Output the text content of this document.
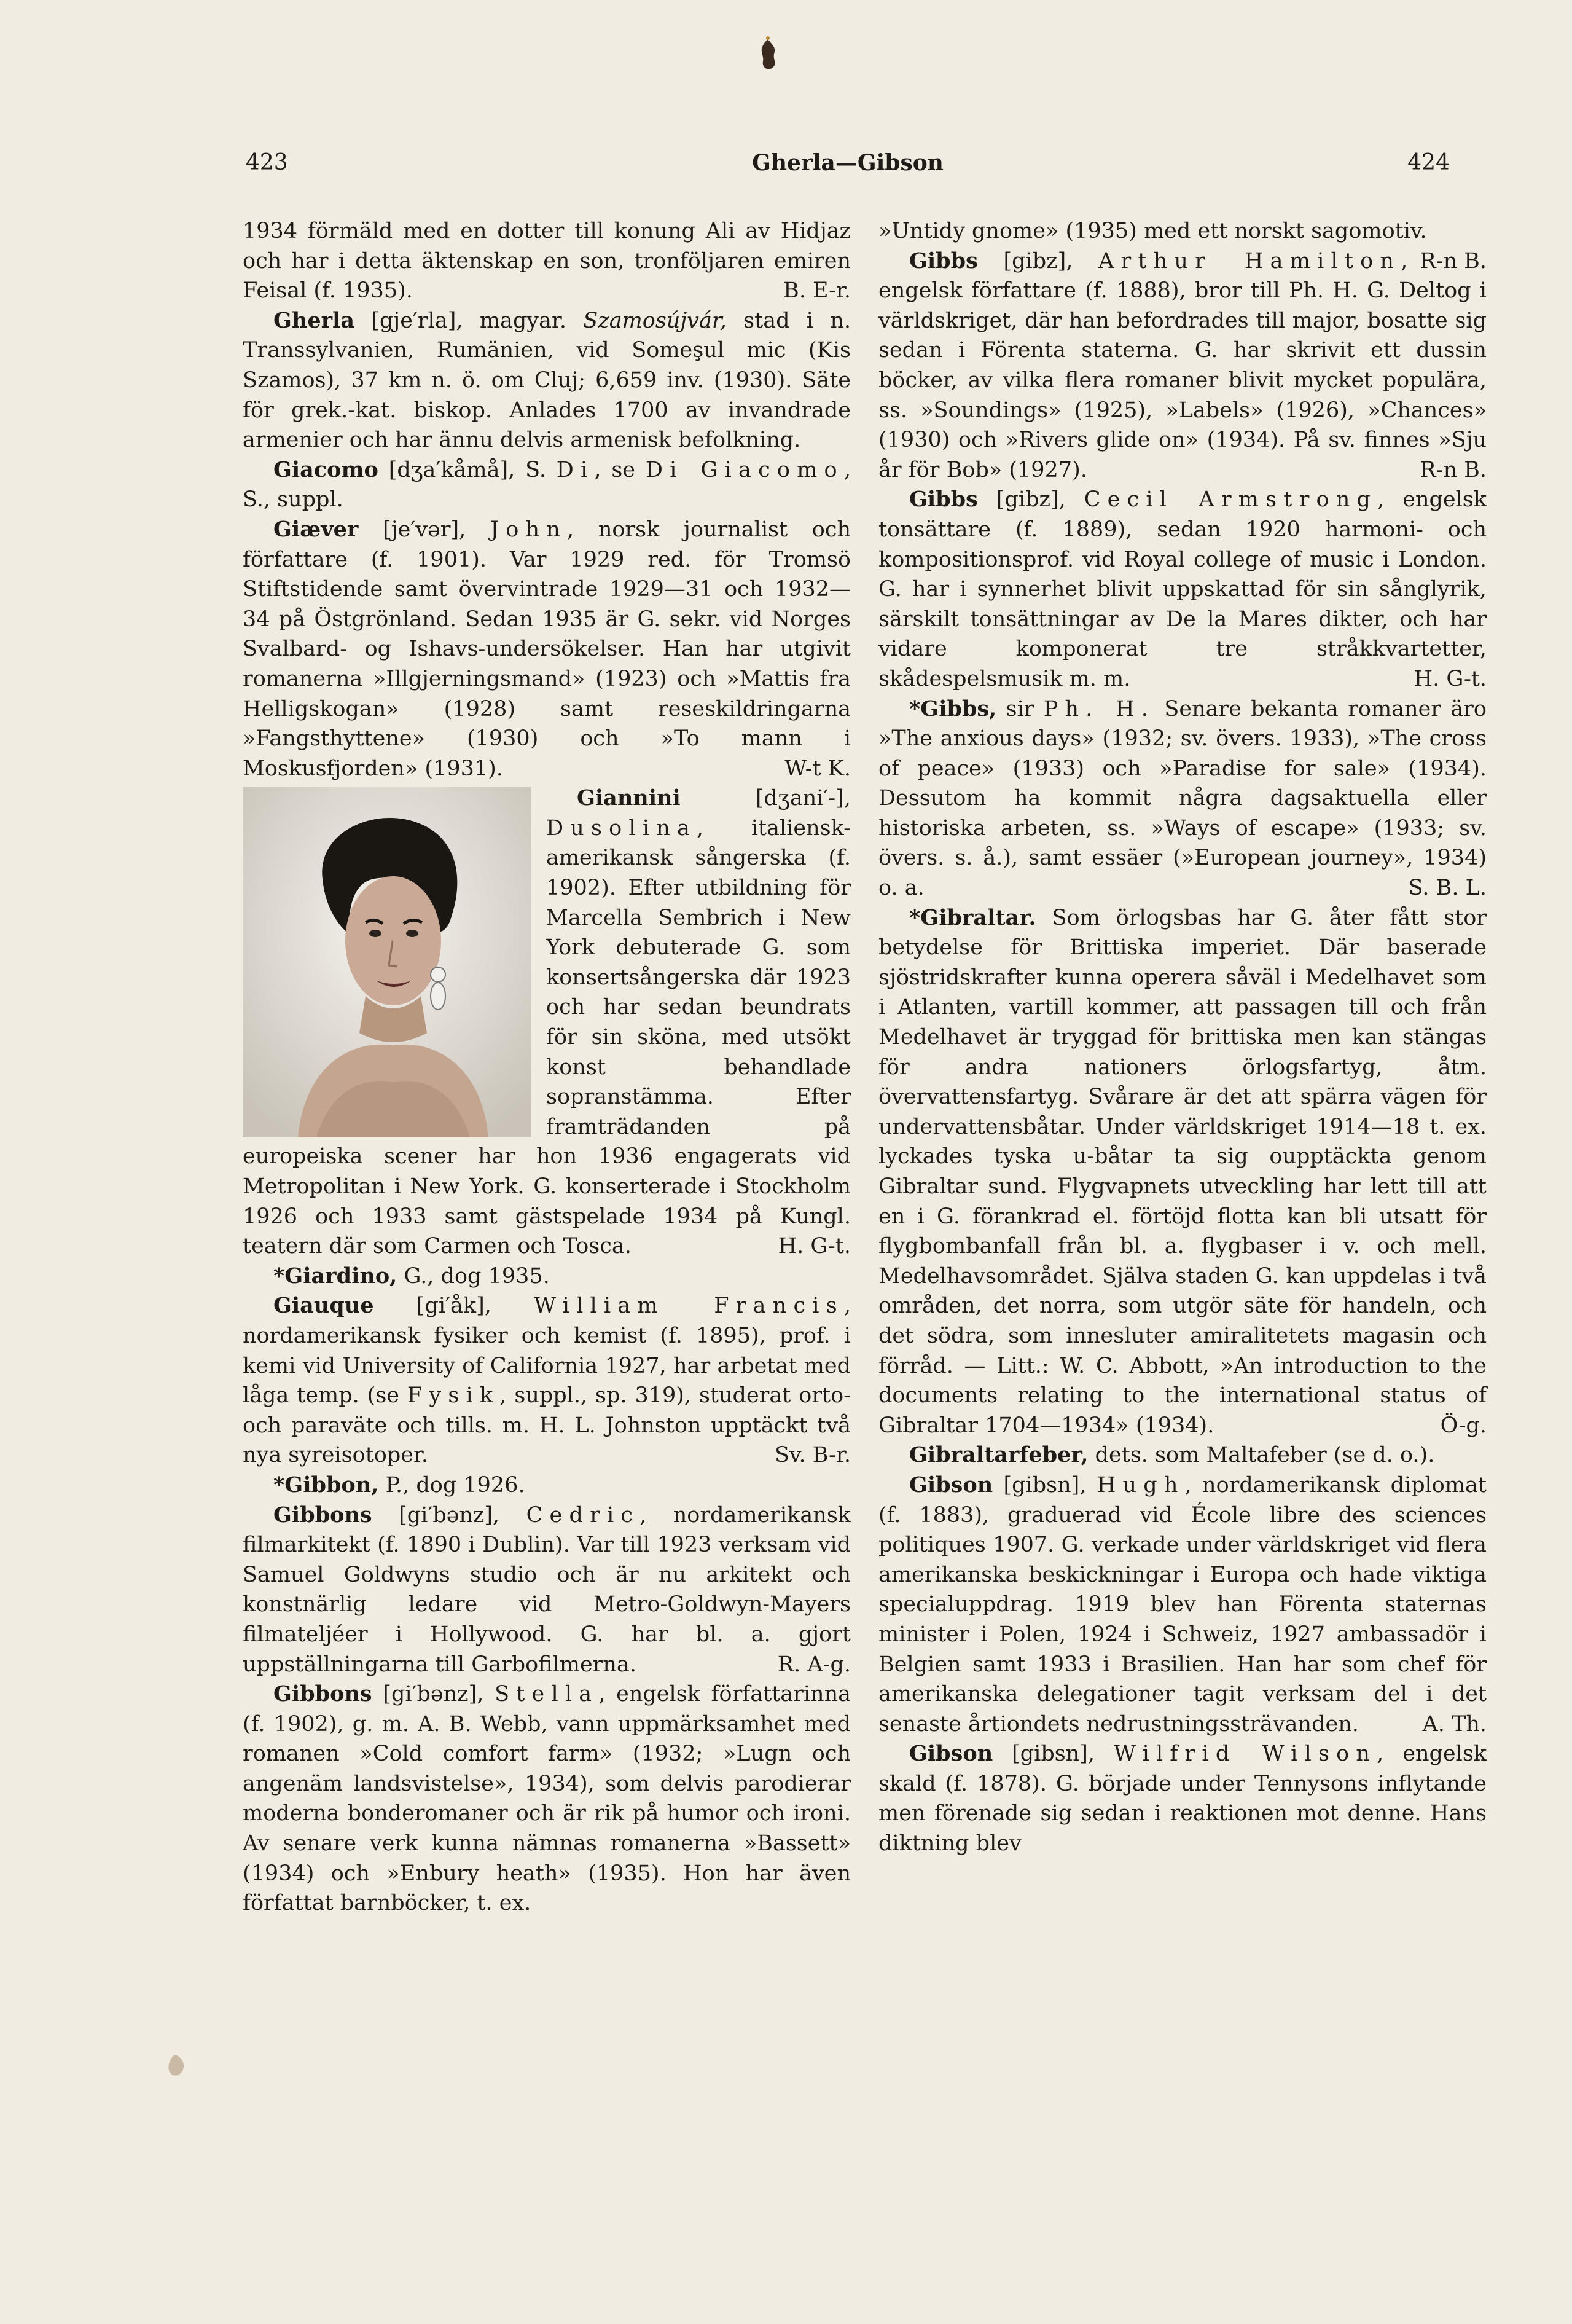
423	Gherla—Gibson	424

1934 förmäld med en dotter till konung Ali av Hidjaz och har i detta äktenskap en son, tronföljaren emiren Feisal (f. 1935).	B. E-r.

Gherla [gje′rla], magyar. Szamosújvár, stad i n. Transsylvanien, Rumänien, vid Someşul mic (Kis Szamos), 37 km n. ö. om Cluj; 6,659 inv. (1930). Säte för grek.-kat. biskop. Anlades 1700 av invandrade armenier och har ännu delvis armenisk befolkning.

Giacomo [dʒa′kåmå], S. Di, se Di Giacomo, S., suppl.

Giæver [je′vər], John, norsk journalist och författare (f. 1901). Var 1929 red. för Tromsö Stiftstidende samt övervintrade 1929—31 och 1932—34 på Östgrönland. Sedan 1935 är G. sekr. vid Norges Svalbard- og Ishavs-undersökelser. Han har utgivit romanerna »Illgjerningsmand» (1923) och »Mattis fra Helligskogan» (1928) samt reseskildringarna »Fangsthyttene» (1930) och »To mann i Moskusfjorden» (1931).	W-t K.

Giannini [dʒani′-], Dusolina, italiensk-amerikansk sångerska (f. 1902). Efter utbildning för Marcella Sembrich i New York debuterade G. som konsertsångerska där 1923 och har sedan beundrats för sin sköna, med utsökt konst behandlade sopranstämma. Efter framträdanden på europeiska scener har hon 1936 engagerats vid Metropolitan i New York. G. konserterade i Stockholm 1926 och 1933 samt gästspelade 1934 på Kungl. teatern där som Carmen och Tosca.	H. G-t.

*Giardino, G., dog 1935.

Giauque [gi′åk], William Francis, nordamerikansk fysiker och kemist (f. 1895), prof. i kemi vid University of California 1927, har arbetat med låga temp. (se Fysik, suppl., sp. 319), studerat orto- och paraväte och tills. m. H. L. Johnston upptäckt två nya syreisotoper.	Sv. B-r.

*Gibbon, P., dog 1926.

Gibbons [gi′bənz], Cedric, nordamerikansk filmarkitekt (f. 1890 i Dublin). Var till 1923 verksam vid Samuel Goldwyns studio och är nu arkitekt och konstnärlig ledare vid Metro-Goldwyn-Mayers filmateljéer i Hollywood. G. har bl. a. gjort uppställningarna till Garbofilmerna.	R. A-g.

Gibbons [gi′bənz], Stella, engelsk författarinna (f. 1902), g. m. A. B. Webb, vann uppmärksamhet med romanen »Cold comfort farm» (1932; »Lugn och angenäm landsvistelse», 1934), som delvis parodierar moderna bonderomaner och är rik på humor och ironi. Av senare verk kunna nämnas romanerna »Bassett» (1934) och »Enbury heath» (1935). Hon har även författat barnböcker, t. ex.

»Untidy gnome» (1935) med ett norskt sagomotiv.
R-n B.

Gibbs [gibz], Arthur Hamilton, engelsk författare (f. 1888), bror till Ph. H. G. Deltog i världskriget, där han befordrades till major, bosatte sig sedan i Förenta staterna. G. har skrivit ett dussin böcker, av vilka flera romaner blivit mycket populära, ss. »Soundings» (1925), »Labels» (1926), »Chances» (1930) och »Rivers glide on» (1934). På sv. finnes »Sju år för Bob» (1927).	R-n B.

Gibbs [gibz], Cecil Armstrong, engelsk tonsättare (f. 1889), sedan 1920 harmoni- och kompositionsprof. vid Royal college of music i London. G. har i synnerhet blivit uppskattad för sin sånglyrik, särskilt tonsättningar av De la Mares dikter, och har vidare komponerat tre stråkkvartetter, skådespelsmusik m. m.	H. G-t.

*Gibbs, sir Ph. H. Senare bekanta romaner äro »The anxious days» (1932; sv. övers. 1933), »The cross of peace» (1933) och »Paradise for sale» (1934). Dessutom ha kommit några dagsaktuella eller historiska arbeten, ss. »Ways of escape» (1933; sv. övers. s. å.), samt essäer (»European journey», 1934) o. a.	S. B. L.

*Gibraltar. Som örlogsbas har G. åter fått stor betydelse för Brittiska imperiet. Där baserade sjöstridskrafter kunna operera såväl i Medelhavet som i Atlanten, vartill kommer, att passagen till och från Medelhavet är tryggad för brittiska men kan stängas för andra nationers örlogsfartyg, åtm. övervattensfartyg. Svårare är det att spärra vägen för undervattensbåtar. Under världskriget 1914—18 t. ex. lyckades tyska u-båtar ta sig oupptäckta genom Gibraltar sund. Flygvapnets utveckling har lett till att en i G. förankrad el. förtöjd flotta kan bli utsatt för flygbombanfall från bl. a. flygbaser i v. och mell. Medelhavsområdet. Själva staden G. kan uppdelas i två områden, det norra, som utgör säte för handeln, och det södra, som innesluter amiralitetets magasin och förråd. — Litt.: W. C. Abbott, »An introduction to the documents relating to the international status of Gibraltar 1704—1934» (1934).	Ö-g.

Gibraltarfeber, dets. som Maltafeber (se d. o.).

Gibson [gibsn], Hugh, nordamerikansk diplomat (f. 1883), graduerad vid École libre des sciences politiques 1907. G. verkade under världskriget vid flera amerikanska beskickningar i Europa och hade viktiga specialuppdrag. 1919 blev han Förenta staternas minister i Polen, 1924 i Schweiz, 1927 ambassadör i Belgien samt 1933 i Brasilien. Han har som chef för amerikanska delegationer tagit verksam del i det senaste årtiondets nedrustningssträvanden.	A. Th.

Gibson [gibsn], Wilfrid Wilson, engelsk skald (f. 1878). G. började under Tennysons inflytande men förenade sig sedan i reaktionen mot denne. Hans diktning blev
